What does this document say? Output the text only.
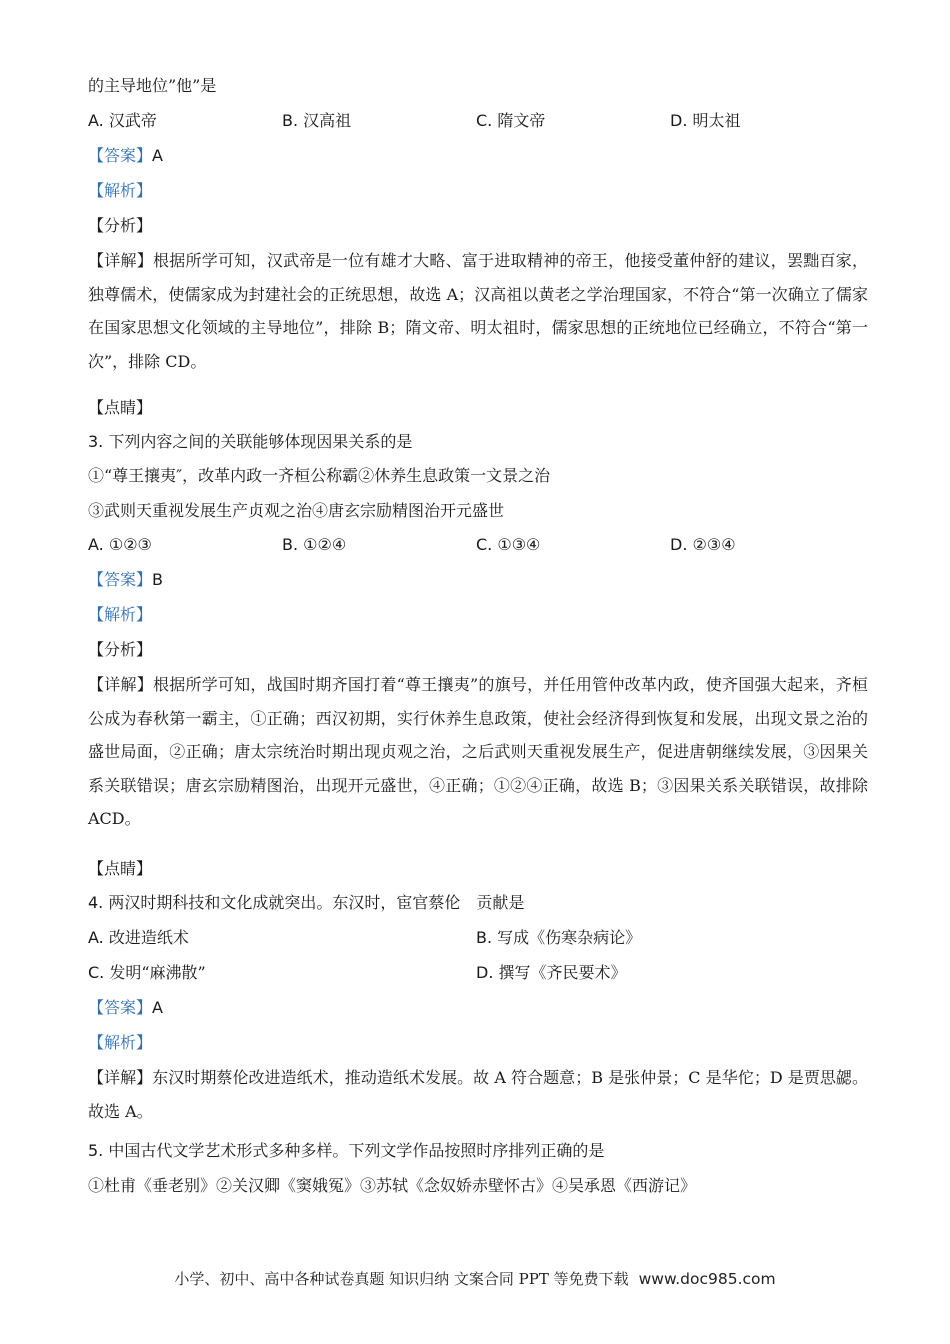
的主导地位”他”是
A. 汉武帝	B. 汉高祖	C. 隋文帝	D. 明太祖
【答案】A
【解析】
【分析】
【详解】根据所学可知，汉武帝是一位有雄才大略、富于进取精神的帝王，他接受董仲舒的建议，罢黜百家，独尊儒术，使儒家成为封建社会的正统思想，故选 A；汉高祖以黄老之学治理国家，不符合“第一次确立了儒家在国家思想文化领域的主导地位”，排除 B；隋文帝、明太祖时，儒家思想的正统地位已经确立，不符合“第一次”，排除 CD。
【点睛】
3. 下列内容之间的关联能够体现因果关系的是
①“尊王攘夷″，改革内政一齐桓公称霸②休养生息政策一文景之治
③武则天重视发展生产贞观之治④唐玄宗励精图治开元盛世
A. ①②③	B. ①②④	C. ①③④	D. ②③④
【答案】B
【解析】
【分析】
【详解】根据所学可知，战国时期齐国打着“尊王攘夷”的旗号，并任用管仲改革内政，使齐国强大起来，齐桓公成为春秋第一霸主，①正确；西汉初期，实行休养生息政策，使社会经济得到恢复和发展，出现文景之治的盛世局面，②正确；唐太宗统治时期出现贞观之治，之后武则天重视发展生产，促进唐朝继续发展，③因果关系关联错误；唐玄宗励精图治，出现开元盛世，④正确；①②④正确，故选 B；③因果关系关联错误，故排除 ACD。
【点睛】
4. 两汉时期科技和文化成就突出。东汉时，宦官蔡伦　贡献是
A. 改进造纸术	B. 写成《伤寒杂病论》
C. 发明“麻沸散”	D. 撰写《齐民要术》
【答案】A
【解析】
【详解】东汉时期蔡伦改进造纸术，推动造纸术发展。故 A 符合题意；B 是张仲景；C 是华佗；D 是贾思勰。故选 A。
5. 中国古代文学艺术形式多种多样。下列文学作品按照时序排列正确的是
①杜甫《垂老别》②关汉卿《窦娥冤》③苏轼《念奴娇赤壁怀古》④吴承恩《西游记》
小学、初中、高中各种试卷真题 知识归纳 文案合同 PPT 等免费下载 www.doc985.com
